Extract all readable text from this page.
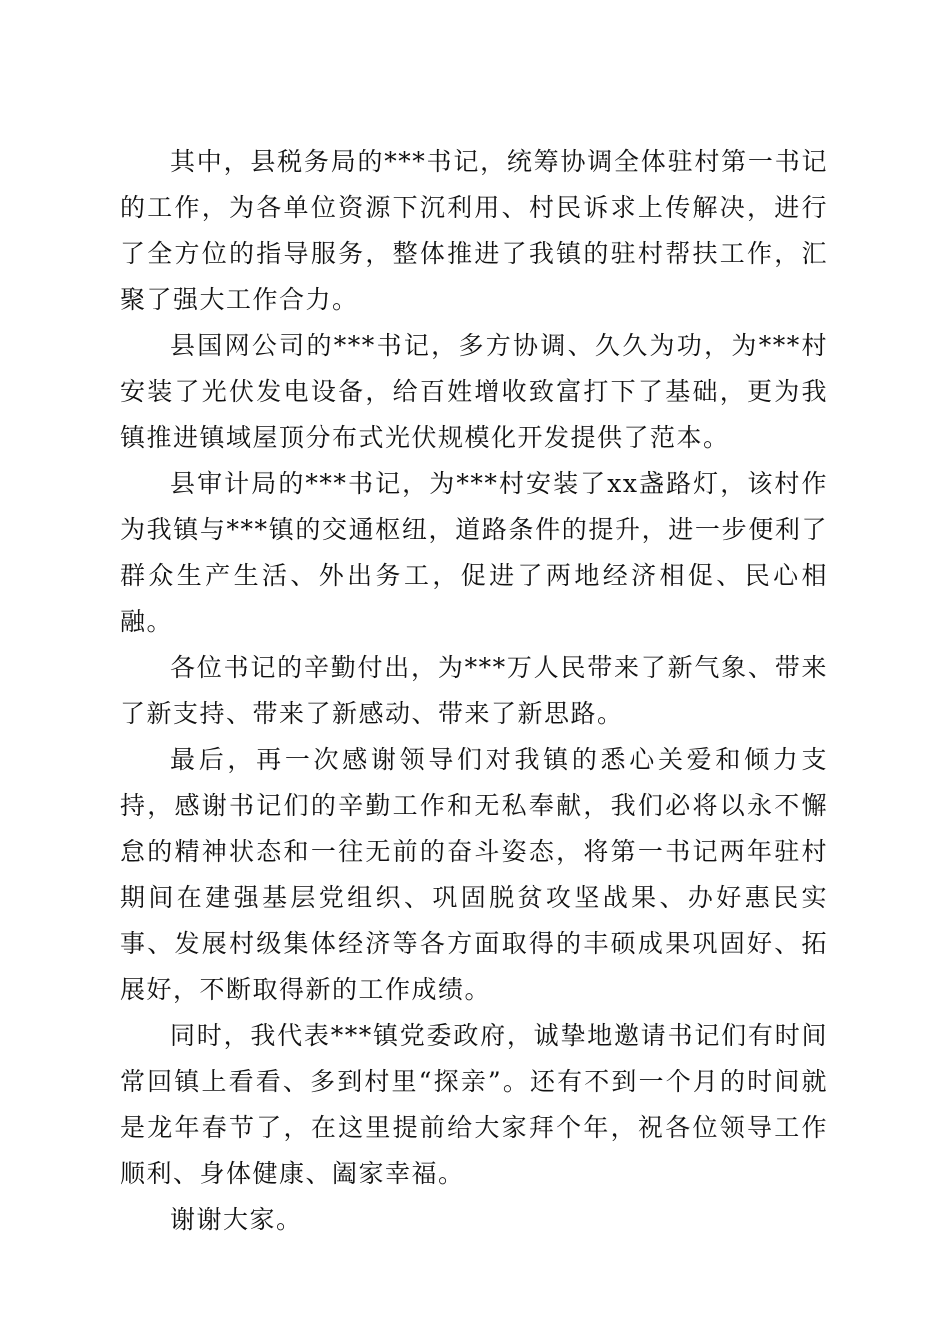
其中，县税务局的***书记，统筹协调全体驻村第一书记的工作，为各单位资源下沉利用、村民诉求上传解决，进行了全方位的指导服务，整体推进了我镇的驻村帮扶工作，汇聚了强大工作合力。

县国网公司的***书记，多方协调、久久为功，为***村安装了光伏发电设备，给百姓增收致富打下了基础，更为我镇推进镇域屋顶分布式光伏规模化开发提供了范本。

县审计局的***书记，为***村安装了xx盏路灯，该村作为我镇与***镇的交通枢纽，道路条件的提升，进一步便利了群众生产生活、外出务工，促进了两地经济相促、民心相融。

各位书记的辛勤付出，为***万人民带来了新气象、带来了新支持、带来了新感动、带来了新思路。

最后，再一次感谢领导们对我镇的悉心关爱和倾力支持，感谢书记们的辛勤工作和无私奉献，我们必将以永不懈怠的精神状态和一往无前的奋斗姿态，将第一书记两年驻村期间在建强基层党组织、巩固脱贫攻坚战果、办好惠民实事、发展村级集体经济等各方面取得的丰硕成果巩固好、拓展好，不断取得新的工作成绩。

同时，我代表***镇党委政府，诚挚地邀请书记们有时间常回镇上看看、多到村里“探亲”。还有不到一个月的时间就是龙年春节了，在这里提前给大家拜个年，祝各位领导工作顺利、身体健康、阖家幸福。

谢谢大家。
